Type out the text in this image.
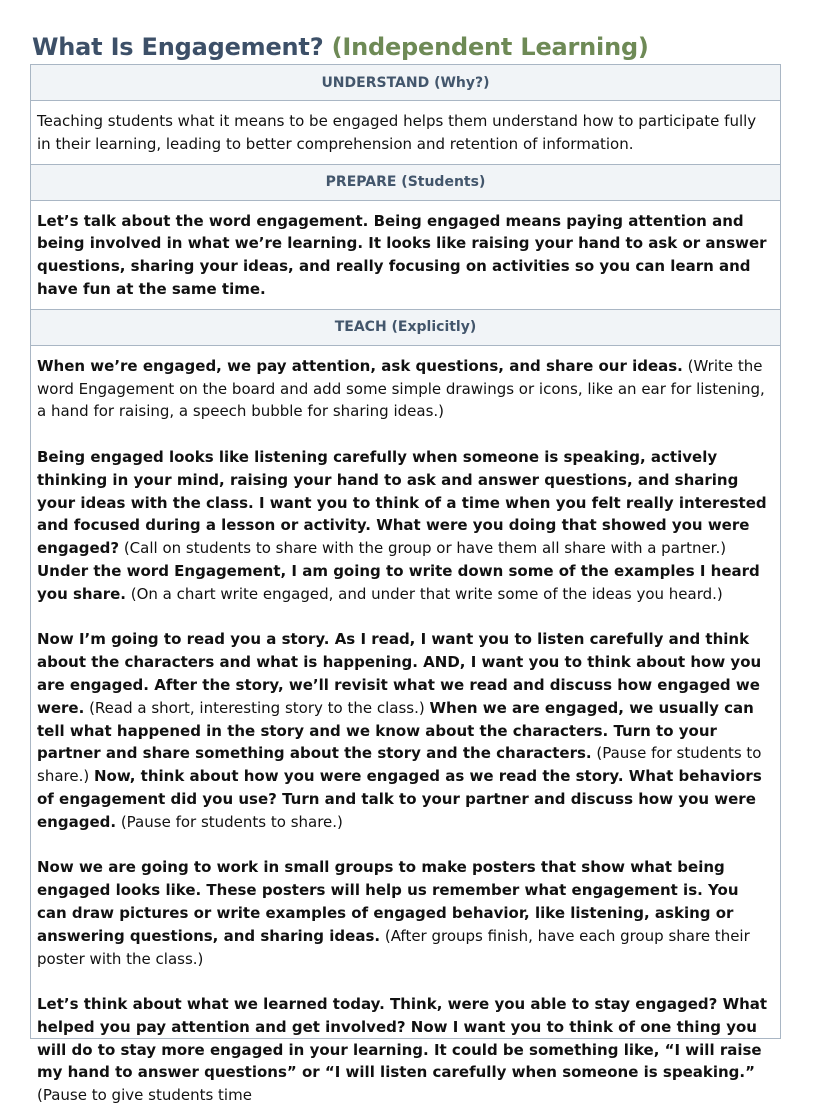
What Is Engagement? (Independent Learning)
UNDERSTAND (Why?)

Teaching students what it means to be engaged helps them understand how to participate fully in their learning, leading to better comprehension and retention of information.

PREPARE (Students)

Let’s talk about the word engagement. Being engaged means paying attention and being involved in what we’re learning. It looks like raising your hand to ask or answer questions, sharing your ideas, and really focusing on activities so you can learn and have fun at the same time.

TEACH (Explicitly)

When we’re engaged, we pay attention, ask questions, and share our ideas. (Write the word Engagement on the board and add some simple drawings or icons, like an ear for listening, a hand for raising, a speech bubble for sharing ideas.)

Being engaged looks like listening carefully when someone is speaking, actively thinking in your mind, raising your hand to ask and answer questions, and sharing your ideas with the class. I want you to think of a time when you felt really interested and focused during a lesson or activity. What were you doing that showed you were engaged? (Call on students to share with the group or have them all share with a partner.) Under the word Engagement, I am going to write down some of the examples I heard you share. (On a chart write engaged, and under that write some of the ideas you heard.)

Now I’m going to read you a story. As I read, I want you to listen carefully and think about the characters and what is happening. AND, I want you to think about how you are engaged. After the story, we’ll revisit what we read and discuss how engaged we were. (Read a short, interesting story to the class.) When we are engaged, we usually can tell what happened in the story and we know about the characters. Turn to your partner and share something about the story and the characters. (Pause for students to share.) Now, think about how you were engaged as we read the story. What behaviors of engagement did you use? Turn and talk to your partner and discuss how you were engaged. (Pause for students to share.)

Now we are going to work in small groups to make posters that show what being engaged looks like. These posters will help us remember what engagement is. You can draw pictures or write examples of engaged behavior, like listening, asking or answering questions, and sharing ideas. (After groups finish, have each group share their poster with the class.)

Let’s think about what we learned today. Think, were you able to stay engaged? What helped you pay attention and get involved? Now I want you to think of one thing you will do to stay more engaged in your learning. It could be something like, “I will raise my hand to answer questions” or “I will listen carefully when someone is speaking.” (Pause to give students time
